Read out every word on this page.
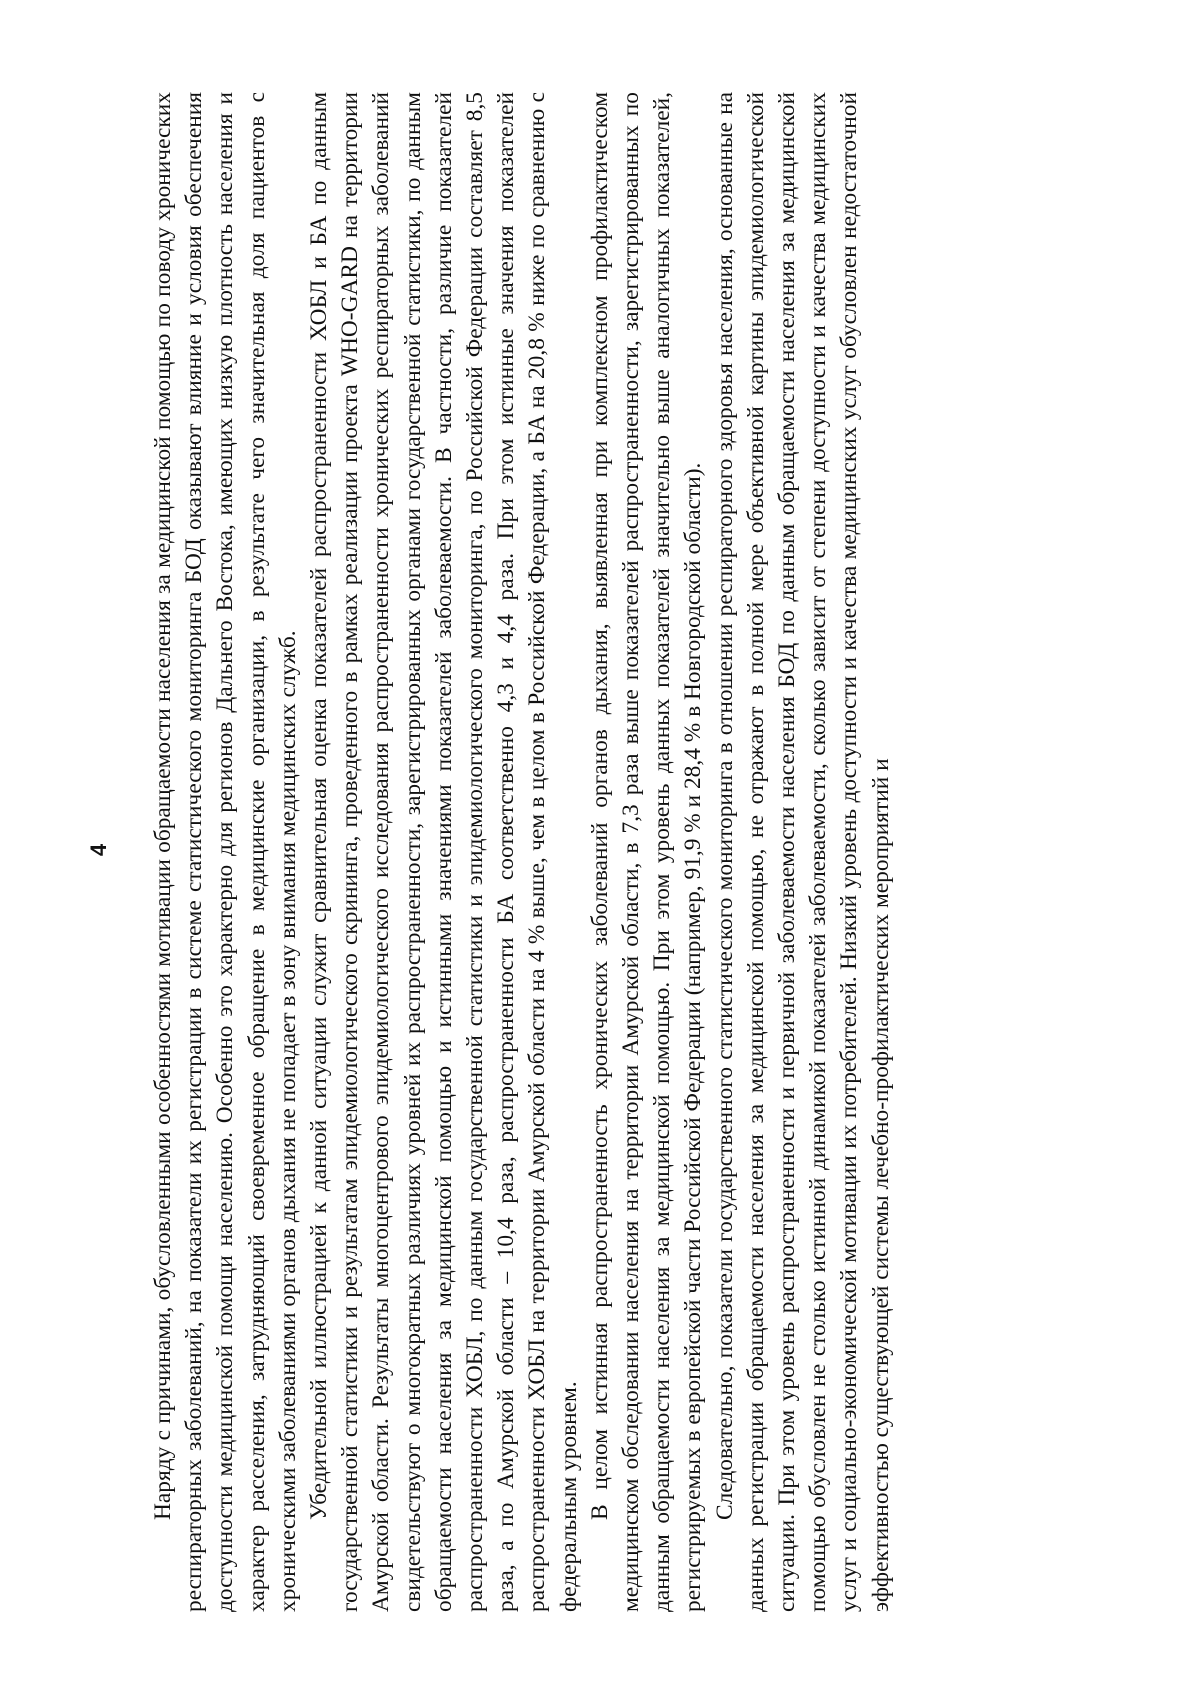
4 Наряду с причинами, обусловленными особенностями мотивации обращаемости населения за медицинской помощью по поводу хронических респираторных заболеваний, на показатели их регистрации в системе статистического мониторинга БОД оказывают влияние и условия обеспечения доступности медицинской помощи населению. Особенно это характерно для регионов Дальнего Востока, имеющих низкую плотность населения и характер расселения, затрудняющий своевременное обращение в медицинские организации, в результате чего значительная доля пациентов с хроническими заболеваниями органов дыхания не попадает в зону внимания медицинских служб. Убедительной иллюстрацией к данной ситуации служит сравнительная оценка показателей распространенности ХОБЛ и БА по данным государственной статистики и результатам эпидемиологического скрининга, проведенного в рамках реализации проекта WHO-GARD на территории Амурской области. Результаты многоцентрового эпидемиологического исследования распространенности хронических респираторных заболеваний свидетельствуют о многократных различиях уровней их распространенности, зарегистрированных органами государственной статистики, по данным обращаемости населения за медицинской помощью и истинными значениями показателей заболеваемости. В частности, различие показателей распространенности ХОБЛ, по данным государственной статистики и эпидемиологического мониторинга, по Российской Федерации составляет 8,5 раза, а по Амурской области – 10,4 раза, распространенности БА соответственно 4,3 и 4,4 раза. При этом истинные значения показателей распространенности ХОБЛ на территории Амурской области на 4 % выше, чем в целом в Российской Федерации, а БА на 20,8 % ниже по сравнению с федеральным уровнем. В целом истинная распространенность хронических заболеваний органов дыхания, выявленная при комплексном профилактическом медицинском обследовании населения на территории Амурской области, в 7,3 раза выше показателей распространенности, зарегистрированных по данным обращаемости населения за медицинской помощью. При этом уровень данных показателей значительно выше аналогичных показателей, регистрируемых в европейской части Российской Федерации (например, 91,9 % и 28,4 % в Новгородской области). Следовательно, показатели государственного статистического мониторинга в отношении респираторного здоровья населения, основанные на данных регистрации обращаемости населения за медицинской помощью, не отражают в полной мере объективной картины эпидемиологической ситуации. При этом уровень распространенности и первичной заболеваемости населения БОД по данным обращаемости населения за медицинской помощью обусловлен не столько истинной динамикой показателей заболеваемости, сколько зависит от степени доступности и качества медицинских услуг и социально-экономической мотивации их потребителей. Низкий уровень доступности и качества медицинских услуг обусловлен недостаточной эффективностью существующей системы лечебно-профилактических мероприятий и
